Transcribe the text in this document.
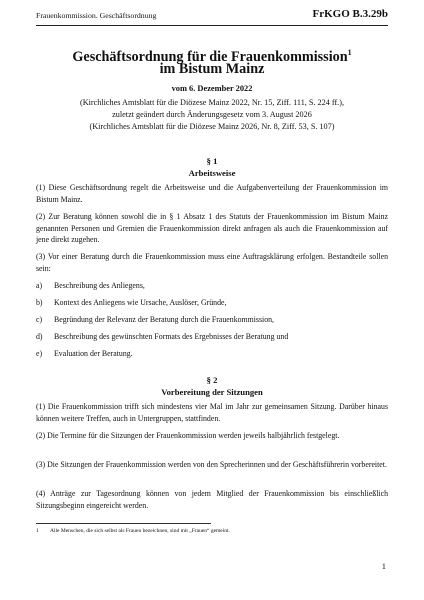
Frauenkommission. Geschäftsordnung	FrKGO B.3.29b
Geschäftsordnung für die Frauenkommission$^1$
im Bistum Mainz
vom 6. Dezember 2022
(Kirchliches Amtsblatt für die Diözese Mainz 2022, Nr. 15, Ziff. 111, S. 224 ff.),
zuletzt geändert durch Änderungsgesetz vom 3. August 2026
(Kirchliches Amtsblatt für die Diözese Mainz 2026, Nr. 8, Ziff. 53, S. 107)
§ 1
Arbeitsweise
(1) Diese Geschäftsordnung regelt die Arbeitsweise und die Aufgabenverteilung der Frauenkommission im Bistum Mainz.
(2) Zur Beratung können sowohl die in § 1 Absatz 1 des Statuts der Frauenkommission im Bistum Mainz genannten Personen und Gremien die Frauenkommission direkt anfragen als auch die Frauenkommission auf jene direkt zugehen.
(3) Vor einer Beratung durch die Frauenkommission muss eine Auftragsklärung erfolgen. Bestandteile sollen sein:
a) Beschreibung des Anliegens,
b) Kontext des Anliegens wie Ursache, Auslöser, Gründe,
c) Begründung der Relevanz der Beratung durch die Frauenkommission,
d) Beschreibung des gewünschten Formats des Ergebnisses der Beratung und
e) Evaluation der Beratung.
§ 2
Vorbereitung der Sitzungen
(1) Die Frauenkommission trifft sich mindestens vier Mal im Jahr zur gemeinsamen Sitzung. Darüber hinaus können weitere Treffen, auch in Untergruppen, stattfinden.
(2) Die Termine für die Sitzungen der Frauenkommission werden jeweils halbjährlich festgelegt.
(3) Die Sitzungen der Frauenkommission werden von den Sprecherinnen und der Geschäftsführerin vorbereitet.
(4) Anträge zur Tagesordnung können von jedem Mitglied der Frauenkommission bis einschließlich Sitzungsbeginn eingereicht werden.
1 Alle Menschen, die sich selbst als Frauen bezeichnen, sind mit „Frauen“ gemeint.
1
